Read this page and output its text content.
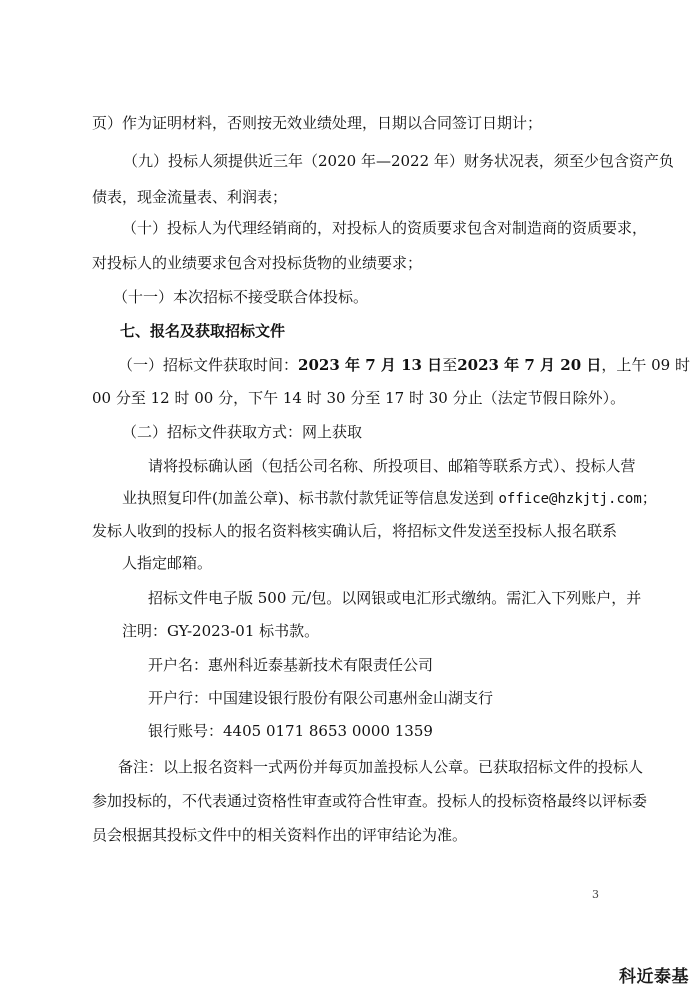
页）作为证明材料，否则按无效业绩处理，日期以合同签订日期计；
（九）投标人须提供近三年（2020 年—2022 年）财务状况表，须至少包含资产负
债表，现金流量表、利润表；
（十）投标人为代理经销商的，对投标人的资质要求包含对制造商的资质要求，
对投标人的业绩要求包含对投标货物的业绩要求；
（十一）本次招标不接受联合体投标。
七、报名及获取招标文件
（一）招标文件获取时间：2023 年 7 月 13 日至2023 年 7 月 20 日，上午 09 时
00 分至 12 时 00 分，下午 14 时 30 分至 17 时 30 分止（法定节假日除外）。
（二）招标文件获取方式：网上获取
请将投标确认函（包括公司名称、所投项目、邮箱等联系方式）、投标人营
业执照复印件(加盖公章)、标书款付款凭证等信息发送到 office@hzkjtj.com；
发标人收到的投标人的报名资料核实确认后，将招标文件发送至投标人报名联系
人指定邮箱。
招标文件电子版 500 元/包。以网银或电汇形式缴纳。需汇入下列账户，并
注明：GY-2023-01 标书款。
开户名：惠州科近泰基新技术有限责任公司
开户行：中国建设银行股份有限公司惠州金山湖支行
银行账号：4405 0171 8653 0000 1359
备注：以上报名资料一式两份并每页加盖投标人公章。已获取招标文件的投标人
参加投标的，不代表通过资格性审查或符合性审查。投标人的投标资格最终以评标委
员会根据其投标文件中的相关资料作出的评审结论为准。
3
科近泰基
